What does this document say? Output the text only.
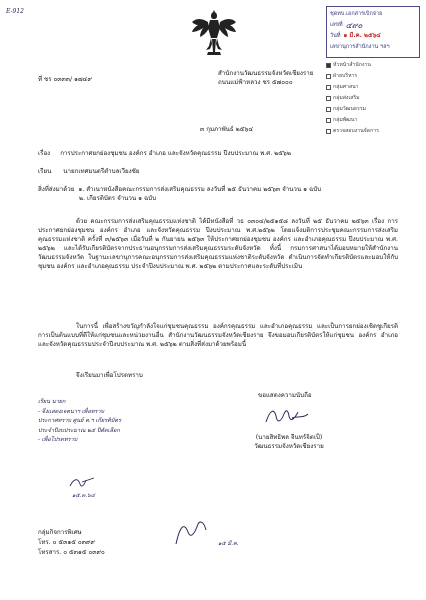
E-912	ชุดทบ.เอกสารเบิกจ่าย
เลขที่ ๔๙๐
วันที่ ๑ มี.ค. ๒๕๖๔
เลขานุการสำนักงาน ฯลฯ
หัวหน้าสำนักงาน
ฝ่ายบริหาร
กลุ่มศาสนา
กลุ่มส่งเสริม
กลุ่มวัฒนธรรม
กลุ่มพัฒนา
ตรวจสอบงานจัดการ
ที่ ชร ๐๓๓๓/ ๑๗๔๙
สำนักงานวัฒนธรรมจังหวัดเชียงราย
ถนนแม่ฟ้าหลวง ชร ๕๗๐๐๐
๓ กุมภาพันธ์ ๒๕๖๔
เรื่อง การประกาศยกย่องชุมชน องค์กร อำเภอ และจังหวัดคุณธรรม ปีงบประมาณ พ.ศ. ๒๕๖๒
เรียน นายกเทศมนตรีตำบลเวียงชัย
สิ่งที่ส่งมาด้วย ๑. สำเนาหนังสือคณะกรรมการส่งเสริมคุณธรรม ลงวันที่ ๒๕ ธันวาคม ๒๕๖๓ จำนวน ๑ ฉบับ
๒. เกียรติบัตร จำนวน ๑ ฉบับ
ด้วย คณะกรรมการส่งเสริมคุณธรรมแห่งชาติ ได้มีหนังสือที่ วธ ๐๓๐๔/๒๕๑๕๘ ลงวันที่ ๒๕ ธันวาคม ๒๕๖๓ เรื่อง การประกาศยกย่องชุมชน องค์กร อำเภอ และจังหวัดคุณธรรม ปีงบประมาณ พ.ศ.๒๕๖๒ โดยแจ้งมติการประชุมคณะกรรมการส่งเสริมคุณธรรมแห่งชาติ ครั้งที่ ๓/๒๕๖๓ เมื่อวันที่ ๒ กันยายน ๒๕๖๓ ให้ประกาศยกย่องชุมชน องค์กร และอำเภอคุณธรรม ปีงบประมาณ พ.ศ. ๒๕๖๒ และได้รับเกียรติบัตรจากประธานอนุกรรมการส่งเสริมคุณธรรมระดับจังหวัด ทั้งนี้ กรมการศาสนาได้มอบหมายให้สำนักงานวัฒนธรรมจังหวัด ในฐานะเลขานุการคณะอนุกรรมการส่งเสริมคุณธรรมแห่งชาติระดับจังหวัด ดำเนินการจัดทำเกียรติบัตรและมอบให้กับชุมชน องค์กร และอำเภอคุณธรรม ประจำปีงบประมาณ พ.ศ. ๒๕๖๒ ตามประกาศและระดับที่ประเมิน
ในการนี้ เพื่อสร้างขวัญกำลังใจแก่ชุมชนคุณธรรม องค์กรคุณธรรม และอำเภอคุณธรรม และเป็นการยกย่องเชิดชูเกียรติการเป็นต้นแบบที่ดีให้แก่ชุมชนและหน่วยงานอื่น สำนักงานวัฒนธรรมจังหวัดเชียงราย จึงขอมอบเกียรติบัตรให้แก่ชุมชน องค์กร อำเภอ และจังหวัดคุณธรรมประจำปีงบประมาณ พ.ศ. ๒๕๖๒ ตามสิ่งที่ส่งมาด้วยพร้อมนี้
จึงเรียนมาเพื่อโปรดทราบ
ขอแสดงความนับถือ
เรียน นายก
- จึงแสดงเจตนาฯ เพื่อทราบ
ประกาศทราบ ศูนย์ ต.ฯ เกียรติบัตร
ประจำปีงบประมาณ ๒๕ ปีตัดเลือก
- เพื่อโปรดทราบ	(นายสิทธิพล จีนทร์จิตเป็)
วัฒนธรรมจังหวัดเชียงราย
๑๕.๓.๖๔
กลุ่มกิจการพิเศษ
โทร. ๐ ๕๓๑๕ ๐๓๙๙
โทรสาร. ๐ ๕๓๑๕ ๐๓๙๐
๑๕ มี.ค.
